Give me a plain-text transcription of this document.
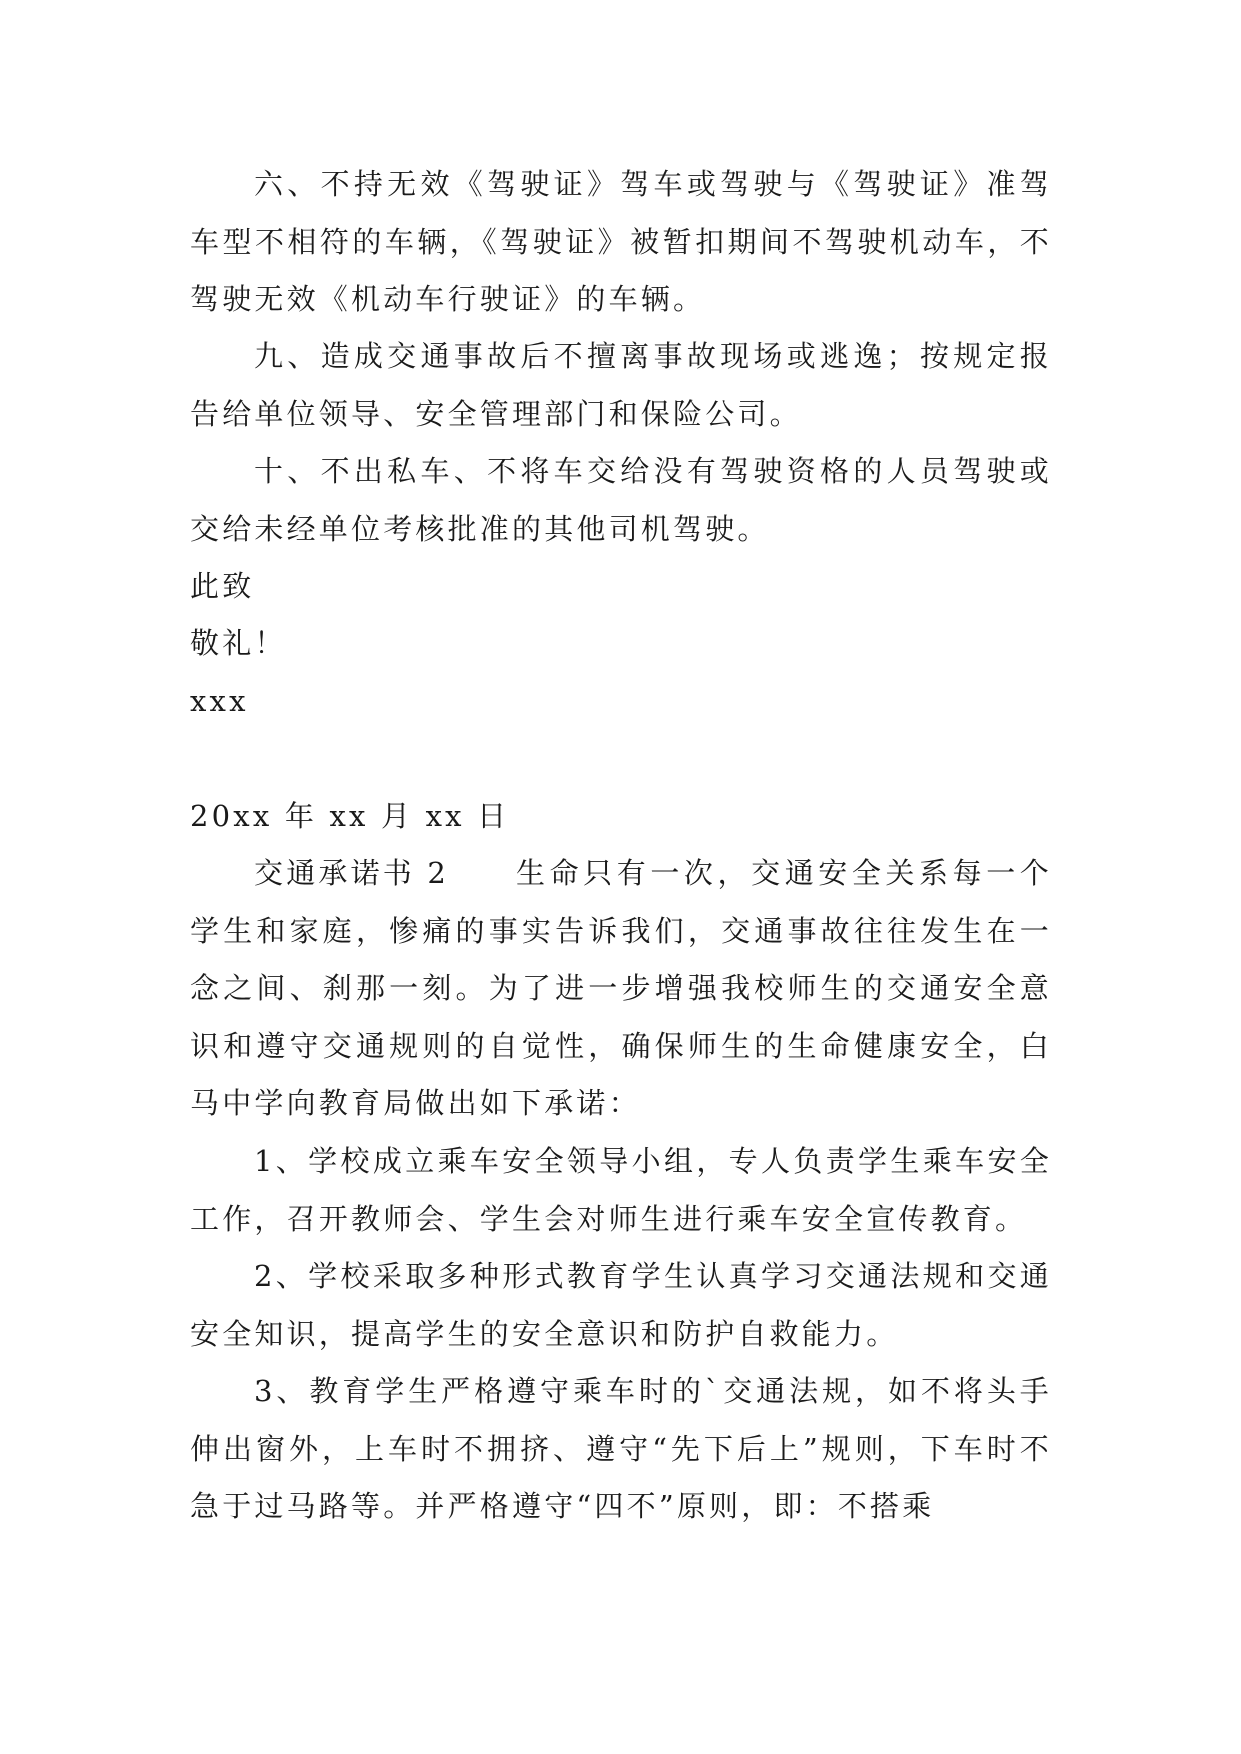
六、不持无效《驾驶证》驾车或驾驶与《驾驶证》准驾车型不相符的车辆，《驾驶证》被暂扣期间不驾驶机动车，不驾驶无效《机动车行驶证》的车辆。

九、造成交通事故后不擅离事故现场或逃逸；按规定报告给单位领导、安全管理部门和保险公司。

十、不出私车、不将车交给没有驾驶资格的人员驾驶或交给未经单位考核批准的其他司机驾驶。

此致
敬礼！
xxx
20xx 年 xx 月 xx 日
交通承诺书 2	生命只有一次，交通安全关系每一个学生和家庭，惨痛的事实告诉我们，交通事故往往发生在一念之间、刹那一刻。为了进一步增强我校师生的交通安全意识和遵守交通规则的自觉性，确保师生的生命健康安全，白马中学向教育局做出如下承诺：

1、学校成立乘车安全领导小组，专人负责学生乘车安全工作，召开教师会、学生会对师生进行乘车安全宣传教育。

2、学校采取多种形式教育学生认真学习交通法规和交通安全知识，提高学生的安全意识和防护自救能力。

3、教育学生严格遵守乘车时的`交通法规，如不将头手伸出窗外，上车时不拥挤、遵守“先下后上”规则，下车时不急于过马路等。并严格遵守“四不”原则，即：不搭乘
